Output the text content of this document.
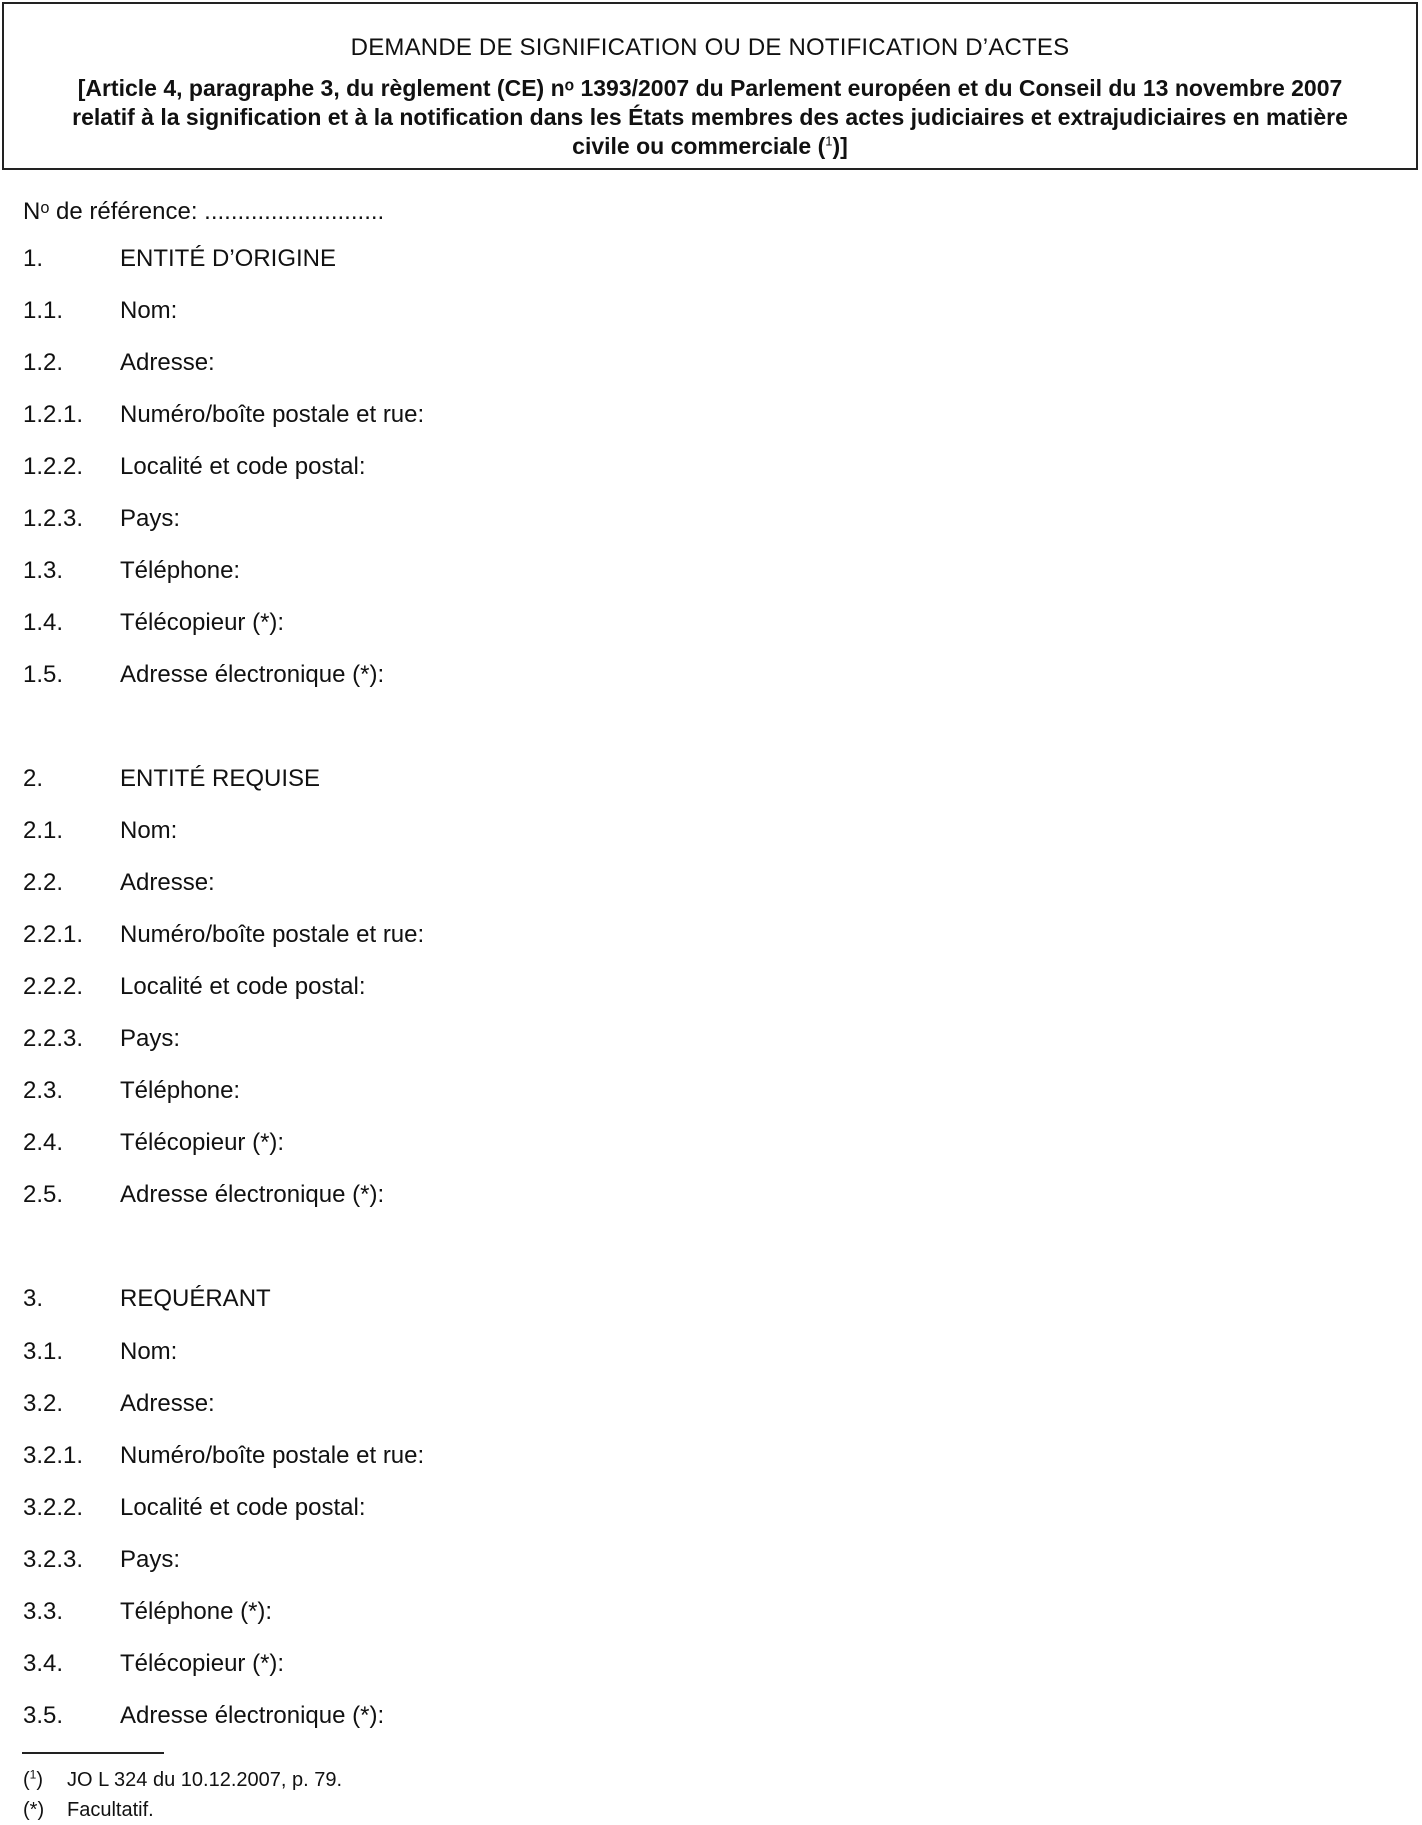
DEMANDE DE SIGNIFICATION OU DE NOTIFICATION D’ACTES
[Article 4, paragraphe 3, du règlement (CE) nᵒ 1393/2007 du Parlement européen et du Conseil du 13 novembre 2007 relatif à la signification et à la notification dans les États membres des actes judiciaires et extrajudiciaires en matière civile ou commerciale ($^1$)]
Nᵒ de référence: ...........................
1.	ENTITÉ D’ORIGINE
1.1. Nom:
1.2. Adresse:
1.2.1. Numéro/boîte postale et rue:
1.2.2. Localité et code postal:
1.2.3. Pays:
1.3. Téléphone:
1.4. Télécopieur (*):
1.5. Adresse électronique (*):
2.	ENTITÉ REQUISE
2.1. Nom:
2.2. Adresse:
2.2.1. Numéro/boîte postale et rue:
2.2.2. Localité et code postal:
2.2.3. Pays:
2.3. Téléphone:
2.4. Télécopieur (*):
2.5. Adresse électronique (*):
3.	REQUÉRANT
3.1. Nom:
3.2. Adresse:
3.2.1. Numéro/boîte postale et rue:
3.2.2. Localité et code postal:
3.2.3. Pays:
3.3. Téléphone (*):
3.4. Télécopieur (*):
3.5. Adresse électronique (*):
($^1$) JO L 324 du 10.12.2007, p. 79.
(*) Facultatif.
